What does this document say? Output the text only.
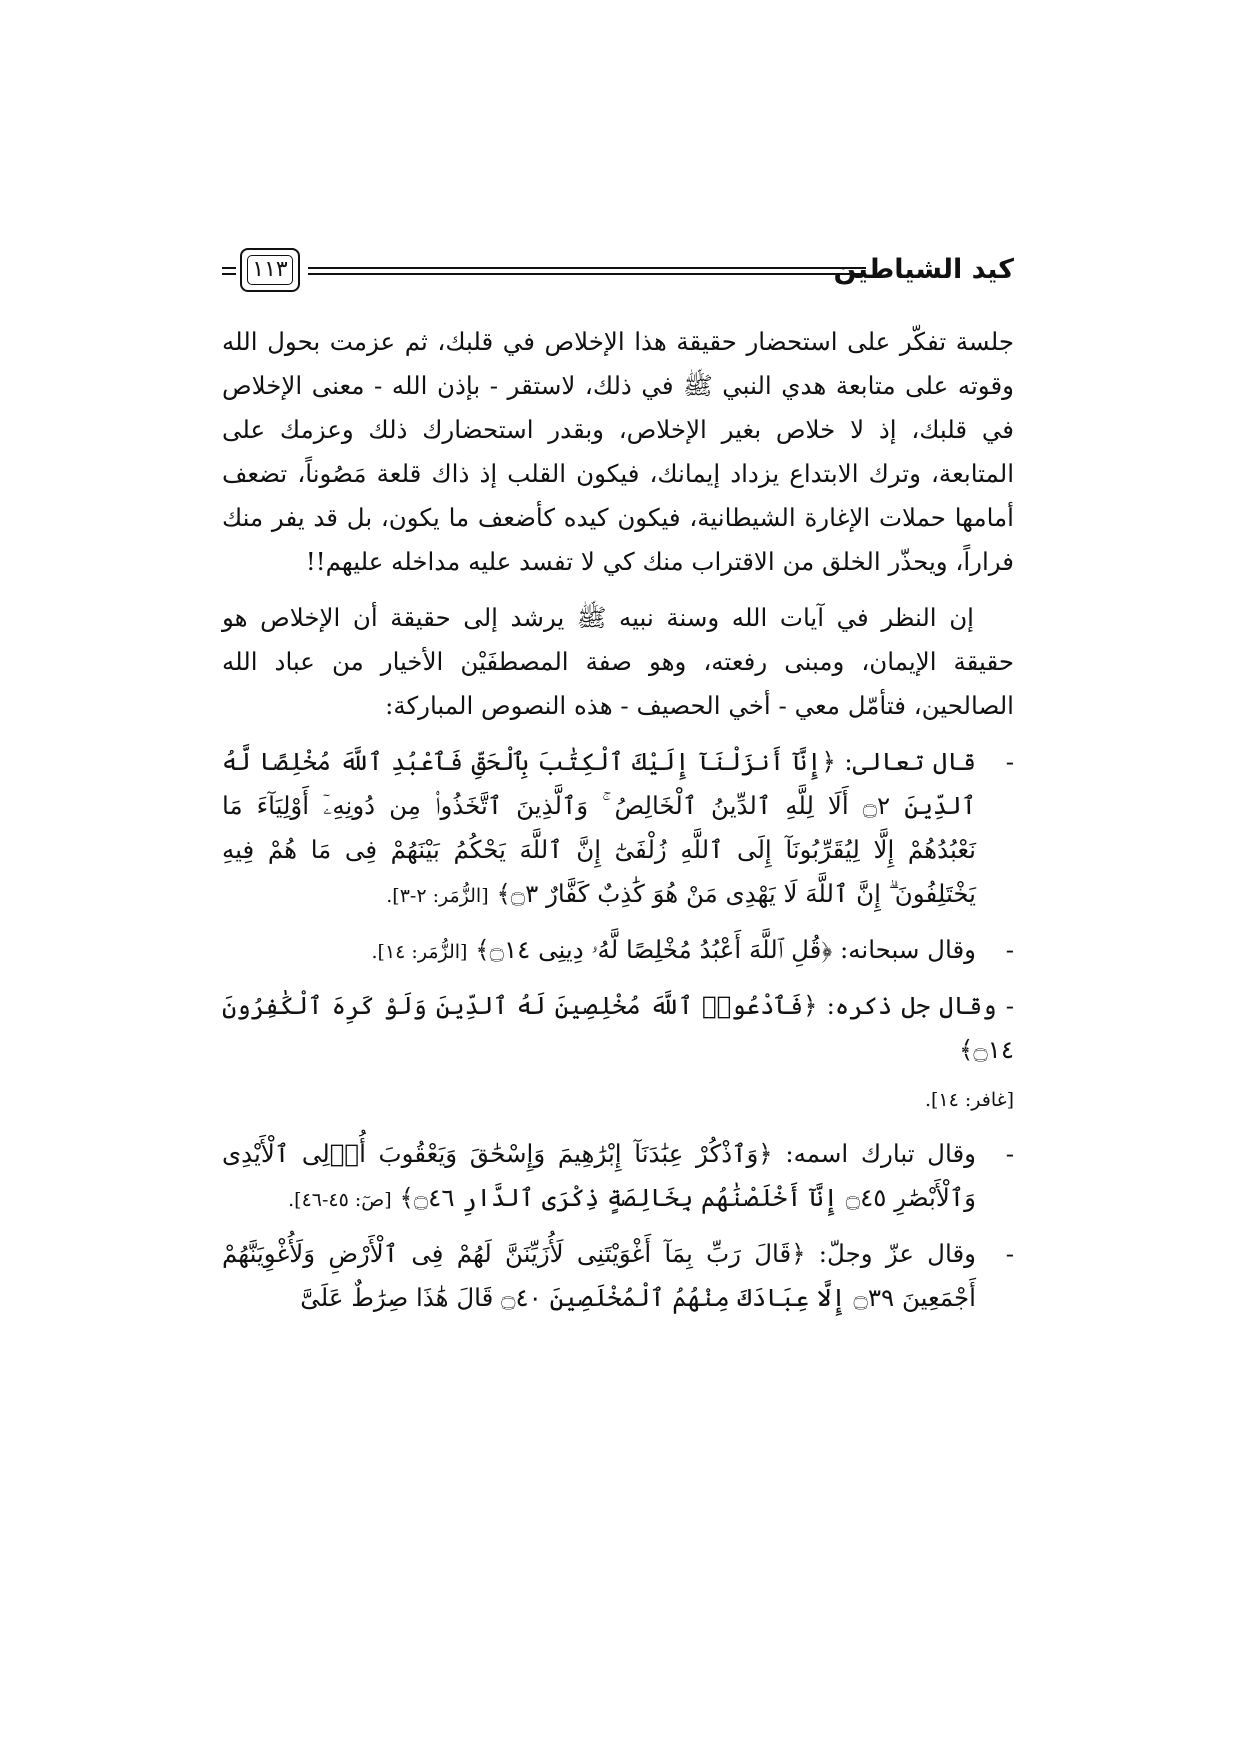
كيد الشياطين
١١٣

جلسة تفكّر على استحضار حقيقة هذا الإخلاص في قلبك، ثم عزمت بحول الله وقوته على متابعة هدي النبي ﷺ في ذلك، لاستقر - بإذن الله - معنى الإخلاص في قلبك، إذ لا خلاص بغير الإخلاص، وبقدر استحضارك ذلك وعزمك على المتابعة، وترك الابتداع يزداد إيمانك، فيكون القلب إذ ذاك قلعة مَصُوناً، تضعف أمامها حملات الإغارة الشيطانية، فيكون كيده كأضعف ما يكون، بل قد يفر منك فراراً، ويحذّر الخلق من الاقتراب منك كي لا تفسد عليه مداخله عليهم!!

إن النظر في آيات الله وسنة نبيه ﷺ يرشد إلى حقيقة أن الإخلاص هو حقيقة الإيمان، ومبنى رفعته، وهو صفة المصطفَيْن الأخيار من عباد الله الصالحين، فتأمّل معي - أخي الحصيف - هذه النصوص المباركة:

-
قال تعالى: ﴿إِنَّآ أَنزَلْنَآ إِلَيْكَ ٱلْكِتَٰبَ بِٱلْحَقِّ فَٱعْبُدِ ٱللَّهَ مُخْلِصًا لَّهُ ٱلدِّينَ ۝٢ أَلَا لِلَّهِ ٱلدِّينُ ٱلْخَالِصُ ۚ وَٱلَّذِينَ ٱتَّخَذُوا۟ مِن دُونِهِۦٓ أَوْلِيَآءَ مَا نَعْبُدُهُمْ إِلَّا لِيُقَرِّبُونَآ إِلَى ٱللَّهِ زُلْفَىٰٓ إِنَّ ٱللَّهَ يَحْكُمُ بَيْنَهُمْ فِى مَا هُمْ فِيهِ يَخْتَلِفُونَ ۗ إِنَّ ٱللَّهَ لَا يَهْدِى مَنْ هُوَ كَٰذِبٌ كَفَّارٌ ۝٣﴾ [الزُّمَر: ٢-٣].
-
وقال سبحانه: ﴿قُلِ ٱللَّهَ أَعْبُدُ مُخْلِصًا لَّهُۥ دِينِى ۝١٤﴾ [الزُّمَر: ١٤].
- وقال جل ذكره: ﴿فَٱدْعُوا۟ ٱللَّهَ مُخْلِصِينَ لَهُ ٱلدِّينَ وَلَوْ كَرِهَ ٱلْكَٰفِرُونَ ۝١٤﴾
[غافر: ١٤].
-
وقال تبارك اسمه: ﴿وَٱذْكُرْ عِبَٰدَنَآ إِبْرَٰهِيمَ وَإِسْحَٰقَ وَيَعْقُوبَ أُو۟لِى ٱلْأَيْدِى وَٱلْأَبْصَٰرِ ۝٤٥ إِنَّآ أَخْلَصْنَٰهُم بِخَالِصَةٍ ذِكْرَى ٱلدَّارِ ۝٤٦﴾ [صٓ: ٤٥-٤٦].
-
وقال عزّ وجلّ: ﴿قَالَ رَبِّ بِمَآ أَغْوَيْتَنِى لَأُزَيِّنَنَّ لَهُمْ فِى ٱلْأَرْضِ وَلَأُغْوِيَنَّهُمْ أَجْمَعِينَ ۝٣٩ إِلَّا عِبَادَكَ مِنْهُمُ ٱلْمُخْلَصِينَ ۝٤٠ قَالَ هَٰذَا صِرَٰطٌ عَلَىَّ
